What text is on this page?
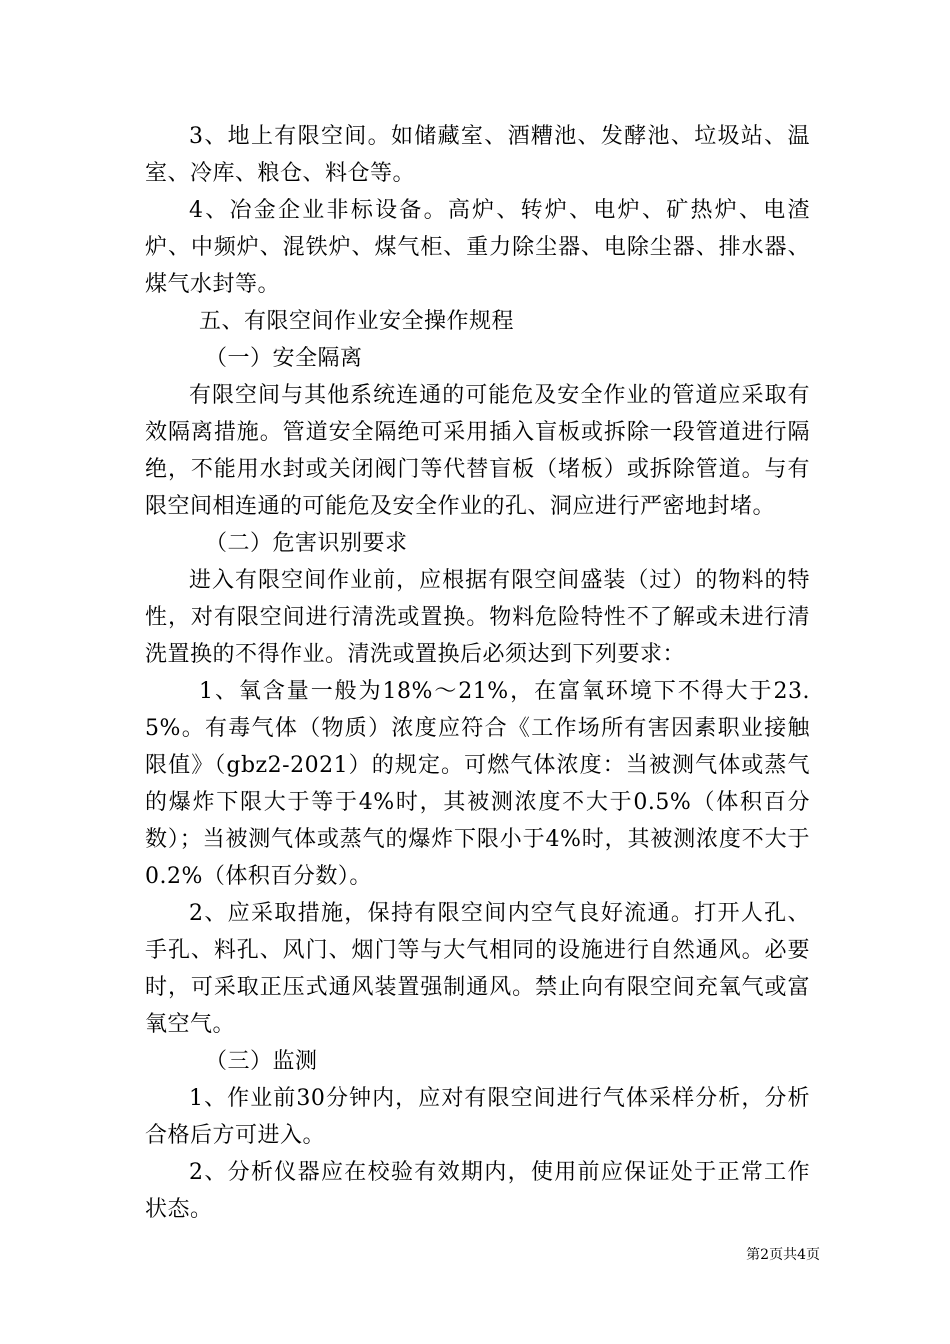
3、地上有限空间。如储藏室、酒糟池、发酵池、垃圾站、温室、冷库、粮仓、料仓等。

4、冶金企业非标设备。高炉、转炉、电炉、矿热炉、电渣炉、中频炉、混铁炉、煤气柜、重力除尘器、电除尘器、排水器、煤气水封等。

五、有限空间作业安全操作规程

（一）安全隔离

有限空间与其他系统连通的可能危及安全作业的管道应采取有效隔离措施。管道安全隔绝可采用插入盲板或拆除一段管道进行隔绝，不能用水封或关闭阀门等代替盲板（堵板）或拆除管道。与有限空间相连通的可能危及安全作业的孔、洞应进行严密地封堵。

（二）危害识别要求

进入有限空间作业前，应根据有限空间盛装（过）的物料的特性，对有限空间进行清洗或置换。物料危险特性不了解或未进行清洗置换的不得作业。清洗或置换后必须达到下列要求：

1、氧含量一般为18%～21%，在富氧环境下不得大于23.5%。有毒气体（物质）浓度应符合《工作场所有害因素职业接触限值》（gbz2-2021）的规定。可燃气体浓度：当被测气体或蒸气的爆炸下限大于等于4%时，其被测浓度不大于0.5%（体积百分数）；当被测气体或蒸气的爆炸下限小于4%时，其被测浓度不大于0.2%（体积百分数）。

2、应采取措施，保持有限空间内空气良好流通。打开人孔、手孔、料孔、风门、烟门等与大气相同的设施进行自然通风。必要时，可采取正压式通风装置强制通风。禁止向有限空间充氧气或富氧空气。

（三）监测

1、作业前30分钟内，应对有限空间进行气体采样分析，分析合格后方可进入。

2、分析仪器应在校验有效期内，使用前应保证处于正常工作状态。

第2页共4页
